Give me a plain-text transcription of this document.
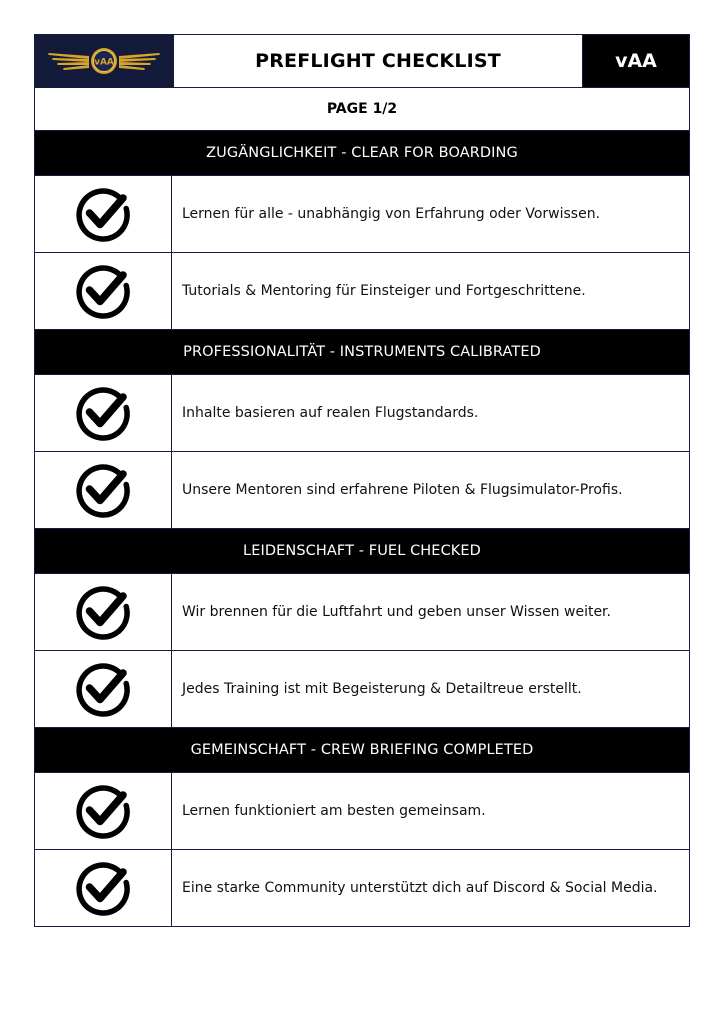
vAA	PREFLIGHT CHECKLIST	vAA
PAGE 1/2
ZUGÄNGLICHKEIT - CLEAR FOR BOARDING
Lernen für alle - unabhängig von Erfahrung oder Vorwissen.
Tutorials & Mentoring für Einsteiger und Fortgeschrittene.
PROFESSIONALITÄT - INSTRUMENTS CALIBRATED
Inhalte basieren auf realen Flugstandards.
Unsere Mentoren sind erfahrene Piloten & Flugsimulator-Profis.
LEIDENSCHAFT - FUEL CHECKED
Wir brennen für die Luftfahrt und geben unser Wissen weiter.
Jedes Training ist mit Begeisterung & Detailtreue erstellt.
GEMEINSCHAFT - CREW BRIEFING COMPLETED
Lernen funktioniert am besten gemeinsam.
Eine starke Community unterstützt dich auf Discord & Social Media.
